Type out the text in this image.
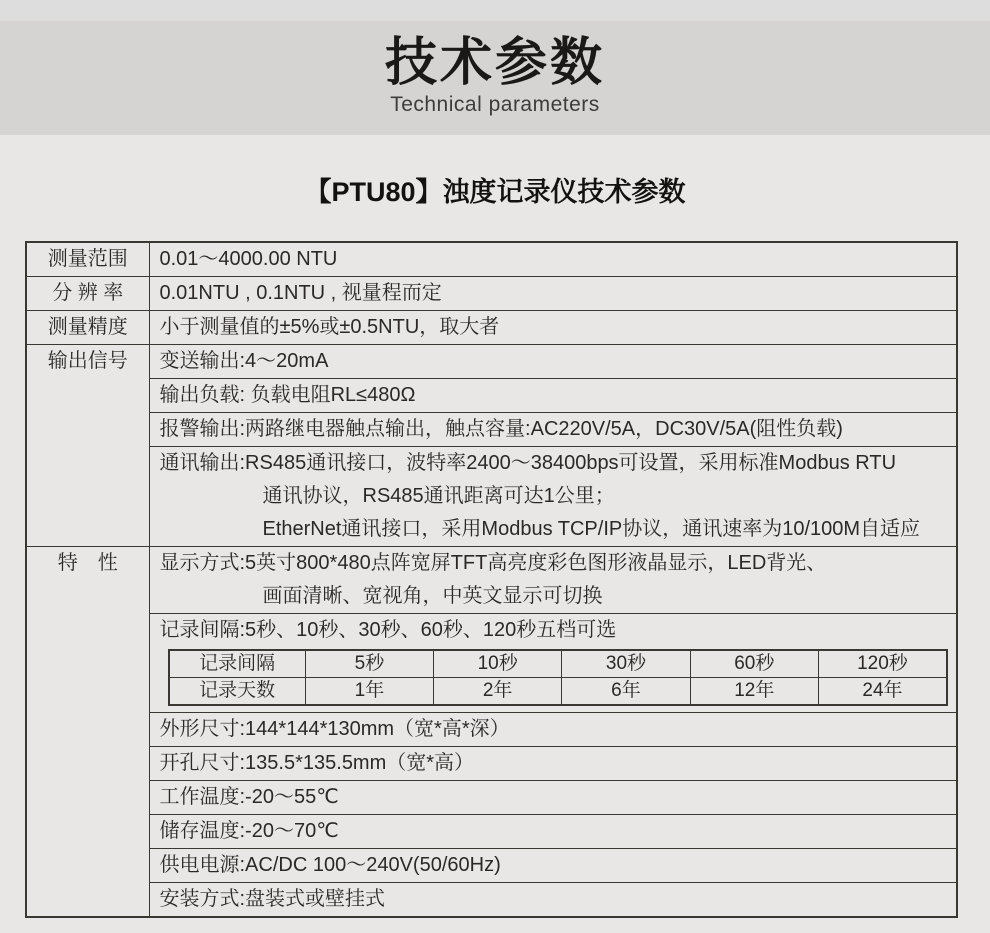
技术参数
Technical parameters
【PTU80】浊度记录仪技术参数
测量范围	0.01～4000.00 NTU

分 辨 率	0.01NTU , 0.1NTU , 视量程而定

测量精度	小于测量值的±5%或±0.5NTU，取大者

输出信号	变送输出:4～20mA

输出负载: 负载电阻RL≤480Ω

报警输出:两路继电器触点输出，触点容量:AC220V/5A，DC30V/5A(阻性负载)

通讯输出:RS485通讯接口，波特率2400～38400bps可设置，采用标准Modbus RTU
通讯协议，RS485通讯距离可达1公里；
EtherNet通讯接口，采用Modbus TCP/IP协议，通讯速率为10/100M自适应

特　性	显示方式:5英寸800*480点阵宽屏TFT高亮度彩色图形液晶显示，LED背光、
画面清晰、宽视角，中英文显示可切换

记录间隔:5秒、10秒、30秒、60秒、120秒五档可选
记录间隔	5秒	10秒	30秒	60秒	120秒
记录天数	1年	2年	6年	12年	24年

外形尺寸:144*144*130mm（宽*高*深）

开孔尺寸:135.5*135.5mm（宽*高）

工作温度:-20～55℃

储存温度:-20～70℃

供电电源:AC/DC 100～240V(50/60Hz)

安装方式:盘装式或壁挂式
